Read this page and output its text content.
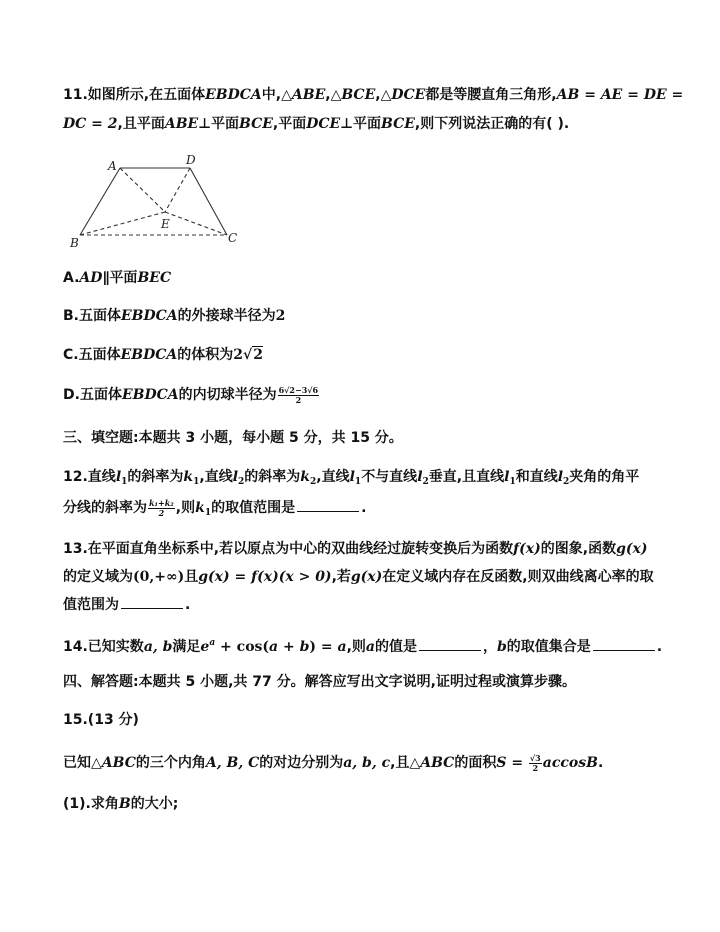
11.如图所示,在五面体EBDCA中,△ABE,△BCE,△DCE都是等腰直角三角形,AB = AE = DE =
DC = 2,且平面ABE⊥平面BCE,平面DCE⊥平面BCE,则下列说法正确的有( ).
A	D
E
B	C
A.AD∥平面BEC
B.五面体EBDCA的外接球半径为2
C.五面体EBDCA的体积为2√2
D.五面体EBDCA的内切球半径为 $\frac{6√2-3√6}{2}$
三、填空题:本题共 3 小题，每小题 5 分，共 15 分。
12.直线$l_1$的斜率为$k_1$,直线$l_2$的斜率为$k_2$,直线$l_1$不与直线$l_2$垂直,且直线$l_1$和直线$l_2$夹角的角平
分线的斜率为 $\frac{\text{k₁+k₂}}{2}$ ,则$k_1$的取值范围是	.
13.在平面直角坐标系中,若以原点为中心的双曲线经过旋转变换后为函数f(x)的图象,函数g(x)
的定义域为(0,+∞)且g(x) = f(x)(x > 0),若g(x)在定义域内存在反函数,则双曲线离心率的取
值范围为	.
14.已知实数a, b满足$e^a + \cos(a + b) = a$,则a的值是	，b的取值集合是	.
四、解答题:本题共 5 小题,共 77 分。解答应写出文字说明,证明过程或演算步骤。
15.(13 分)
已知△ABC的三个内角A, B, C的对边分别为a, b, c,且△ABC的面积$S = \frac{√3}{2} accosB$.
(1).求角B的大小;
